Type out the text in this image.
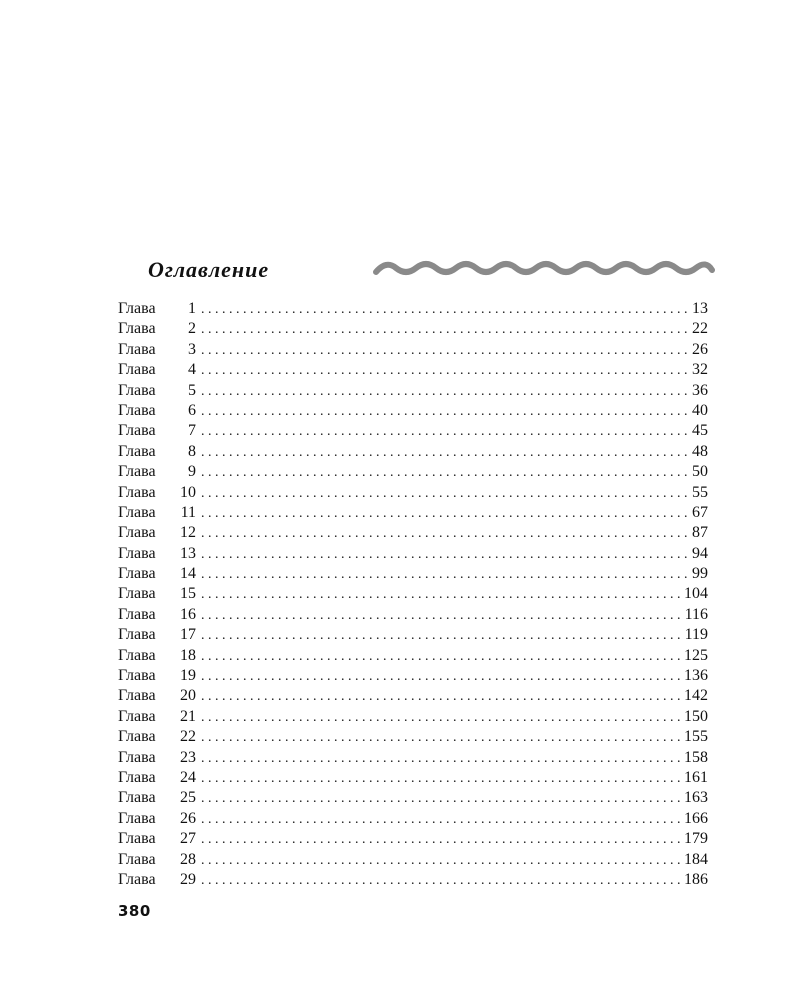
Оглавление
Глава	1 . . .	13
Глава	2 . . .	22
Глава	3 . . .	26
Глава	4 . . .	32
Глава	5 . . .	36
Глава	6 . . .	40
Глава	7 . . .	45
Глава	8 . . .	48
Глава	9 . . .	50
Глава	10 . . .	55
Глава	11 . . .	67
Глава	12 . . .	87
Глава	13 . . .	94
Глава	14 . . .	99
Глава	15 . . .	104
Глава	16 . . .	116
Глава	17 . . .	119
Глава	18 . . .	125
Глава	19 . . .	136
Глава	20 . . .	142
Глава	21 . . .	150
Глава	22 . . .	155
Глава	23 . . .	158
Глава	24 . . .	161
Глава	25 . . .	163
Глава	26 . . .	166
Глава	27 . . .	179
Глава	28 . . .	184
Глава	29 . . .	186
380
